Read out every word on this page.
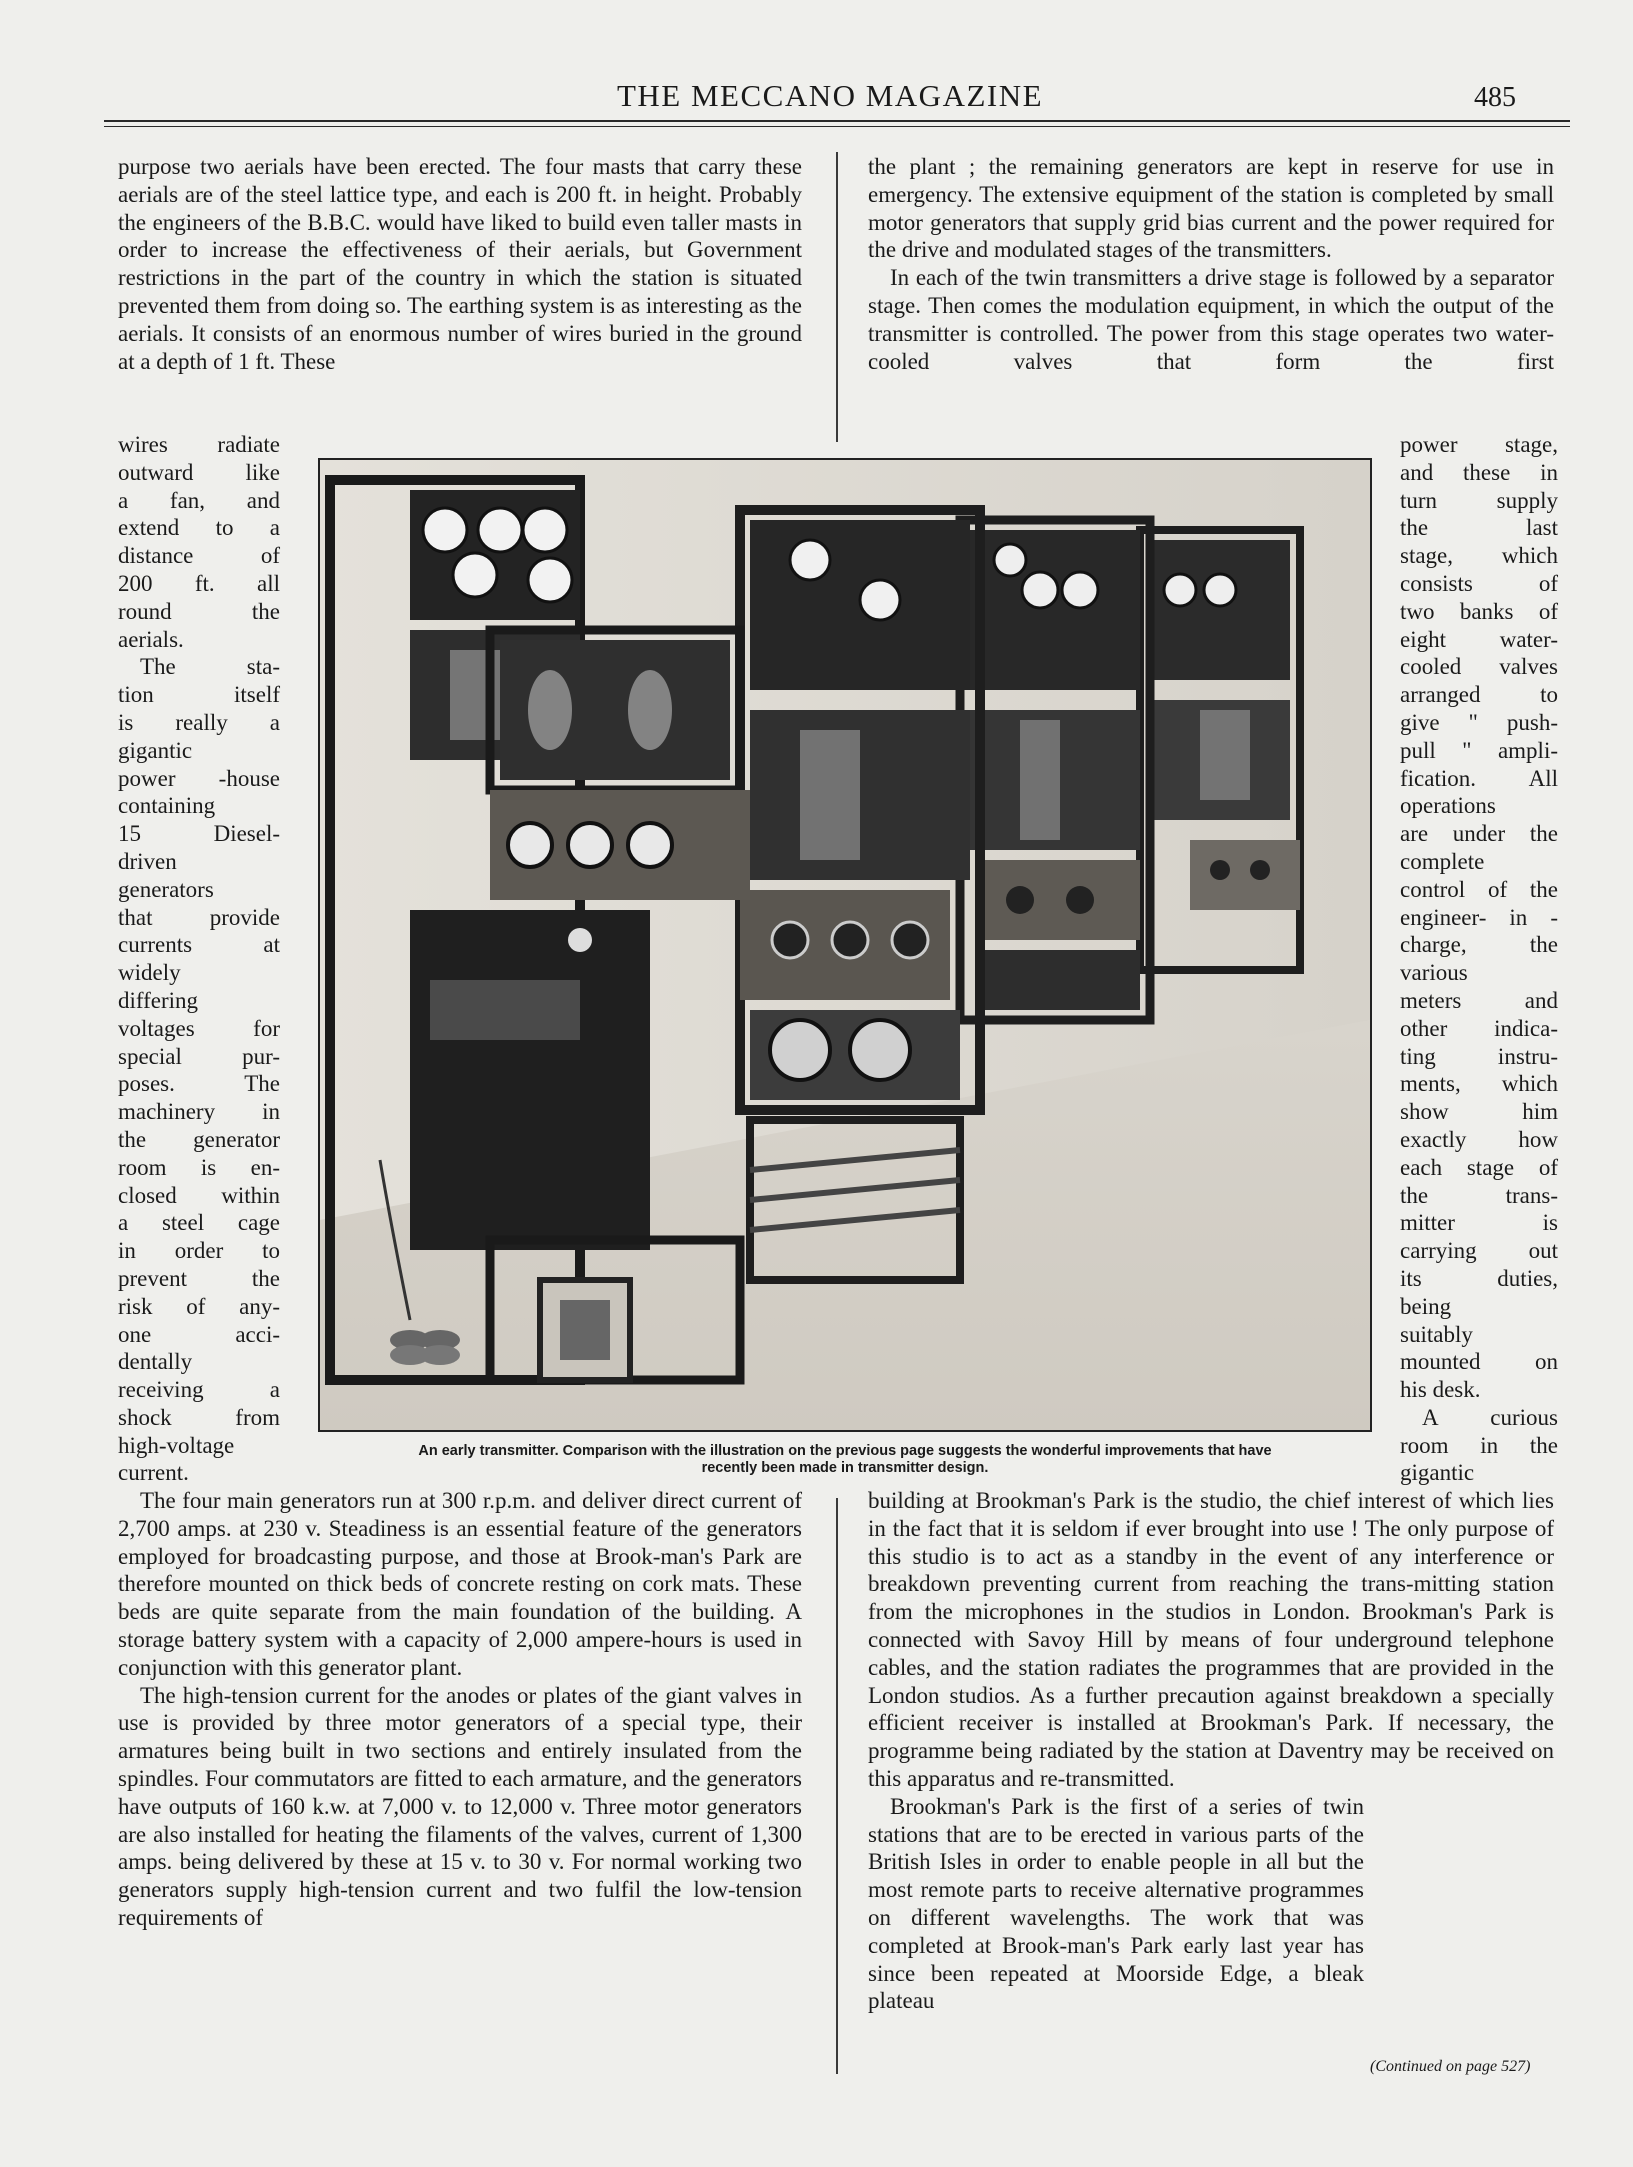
THE MECCANO MAGAZINE	485

purpose two aerials have been erected. The four masts that carry these aerials are of the steel lattice type, and each is 200 ft. in height. Probably the engineers of the B.B.C. would have liked to build even taller masts in order to increase the effectiveness of their aerials, but Government restrictions in the part of the country in which the station is situated prevented them from doing so. The earthing system is as interesting as the aerials. It consists of an enormous number of wires buried in the ground at a depth of 1 ft. These

wires radiate
outward like
a fan, and
extend to a
distance of
200 ft. all
round the
aerials.
The sta-
tion itself
is really a
gigantic
power -house
containing
15 Diesel-
driven
generators
that provide
currents at
widely
differing
voltages for
special pur-
poses. The
machinery in
the generator
room is en-
closed within
a steel cage
in order to
prevent the
risk of any-
one acci-
dentally
receiving a
shock from
high-voltage
current.

the plant ; the remaining generators are kept in reserve for use in emergency. The extensive equipment of the station is completed by small motor generators that supply grid bias current and the power required for the drive and modulated stages of the transmitters.

In each of the twin transmitters a drive stage is followed by a separator stage. Then comes the modulation equipment, in which the output of the transmitter is controlled. The power from this stage operates two water-cooled valves that form the first

power stage,
and these in
turn supply
the last
stage, which
consists of
two banks of
eight water-
cooled valves
arranged to
give " push-
pull " ampli-
fication. All
operations
are under the
complete
control of the
engineer- in -
charge, the
various
meters and
other indica-
ting instru-
ments, which
show him
exactly how
each stage of
the trans-
mitter is
carrying out
its duties,
being
suitably
mounted on
his desk.
A curious
room in the
gigantic
An early transmitter. Comparison with the illustration on the previous page suggests the wonderful improvements that have
recently been made in transmitter design.

The four main generators run at 300 r.p.m. and deliver direct current of 2,700 amps. at 230 v. Steadiness is an essential feature of the generators employed for broadcasting purpose, and those at Brook-man's Park are therefore mounted on thick beds of concrete resting on cork mats. These beds are quite separate from the main foundation of the building. A storage battery system with a capacity of 2,000 ampere-hours is used in conjunction with this generator plant.

The high-tension current for the anodes or plates of the giant valves in use is provided by three motor generators of a special type, their armatures being built in two sections and entirely insulated from the spindles. Four commutators are fitted to each armature, and the generators have outputs of 160 k.w. at 7,000 v. to 12,000 v. Three motor generators are also installed for heating the filaments of the valves, current of 1,300 amps. being delivered by these at 15 v. to 30 v. For normal working two generators supply high-tension current and two fulfil the low-tension requirements of

building at Brookman's Park is the studio, the chief interest of which lies in the fact that it is seldom if ever brought into use ! The only purpose of this studio is to act as a standby in the event of any interference or breakdown preventing current from reaching the trans-mitting station from the microphones in the studios in London. Brookman's Park is connected with Savoy Hill by means of four underground telephone cables, and the station radiates the programmes that are provided in the London studios. As a further precaution against breakdown a specially efficient receiver is installed at Brookman's Park. If necessary, the programme being radiated by the station at Daventry may be received on this apparatus and re-transmitted.

Brookman's Park is the first of a series of twin stations that are to be erected in various parts of the British Isles in order to enable people in all but the most remote parts to receive alternative programmes on different wavelengths. The work that was completed at Brook-man's Park early last year has since been repeated at Moorside Edge, a bleak plateau

(Continued on page 527)
